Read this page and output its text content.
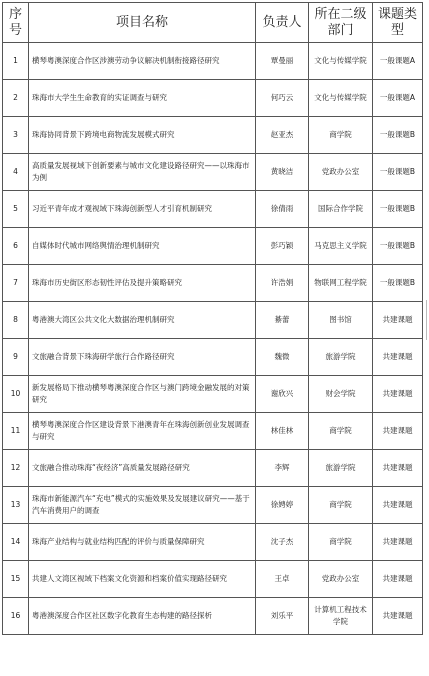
序号	项目名称	负责人	所在二级部门	课题类型
1	横琴粤澳深度合作区涉澳劳动争议解决机制衔接路径研究	覃曼丽	文化与传媒学院	一般课题A
2	珠海市大学生生命教育的实证调查与研究	何巧云	文化与传媒学院	一般课题A
3	珠海协同背景下跨境电商物流发展模式研究	赵亚杰	商学院	一般课题B
4	高质量发展视域下创新要素与城市文化建设路径研究——以珠海市为例	黄晓洁	党政办公室	一般课题B
5	习近平青年成才观视域下珠海创新型人才引育机制研究	徐倩雨	国际合作学院	一般课题B
6	自媒体时代城市网络舆情治理机制研究	彭巧颖	马克思主义学院	一般课题B
7	珠海市历史街区形态韧性评估及提升策略研究	许浩娟	物联网工程学院	一般课题B
8	粤港澳大湾区公共文化大数据治理机制研究	綦蕾	图书馆	共建课题
9	文旅融合背景下珠海研学旅行合作路径研究	魏微	旅游学院	共建课题
10	新发展格局下推动横琴粤澳深度合作区与澳门跨境金融发展的对策研究	谢欣兴	财会学院	共建课题
11	横琴粤澳深度合作区建设背景下港澳青年在珠海创新创业发展调查与研究	林佳林	商学院	共建课题
12	文旅融合推动珠海“夜经济”高质量发展路径研究	李辉	旅游学院	共建课题
13	珠海市新能源汽车“充电”模式的实施效果及发展建议研究——基于汽车消费用户的调查	徐娉婷	商学院	共建课题
14	珠海产业结构与就业结构匹配的评价与质量保障研究	沈子杰	商学院	共建课题
15	共建人文湾区视域下档案文化资源和档案价值实现路径研究	王卓	党政办公室	共建课题
16	粤港澳深度合作区社区数字化教育生态构建的路径探析	刘乐平	计算机工程技术学院	共建课题
